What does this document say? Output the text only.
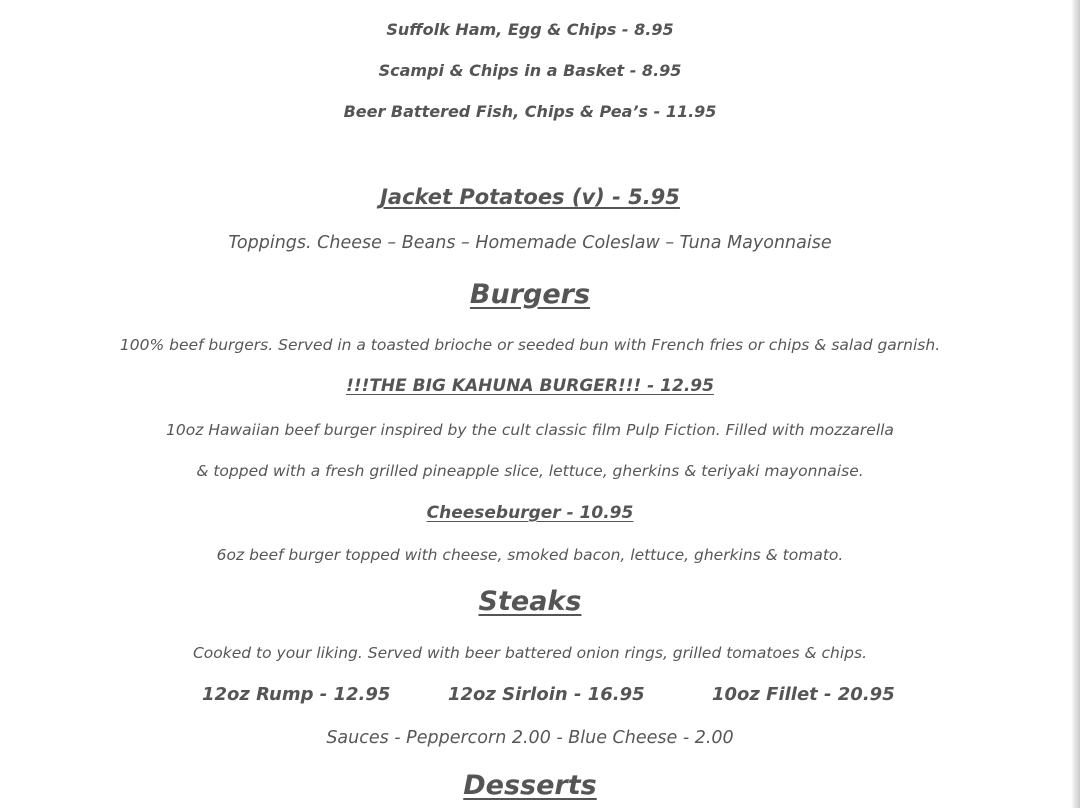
Suffolk Ham, Egg & Chips - 8.95
Scampi & Chips in a Basket - 8.95
Beer Battered Fish, Chips & Pea’s - 11.95
Jacket Potatoes (v) - 5.95
Toppings. Cheese – Beans – Homemade Coleslaw – Tuna Mayonnaise
Burgers
100% beef burgers. Served in a toasted brioche or seeded bun with French fries or chips & salad garnish.
!!!THE BIG KAHUNA BURGER!!! - 12.95
10oz Hawaiian beef burger inspired by the cult classic film Pulp Fiction. Filled with mozzarella
& topped with a fresh grilled pineapple slice, lettuce, gherkins & teriyaki mayonnaise.
Cheeseburger - 10.95
6oz beef burger topped with cheese, smoked bacon, lettuce, gherkins & tomato.
Steaks
Cooked to your liking. Served with beer battered onion rings, grilled tomatoes & chips.
12oz Rump - 12.95	12oz Sirloin - 16.95	10oz Fillet - 20.95
Sauces - Peppercorn 2.00 - Blue Cheese - 2.00
Desserts
